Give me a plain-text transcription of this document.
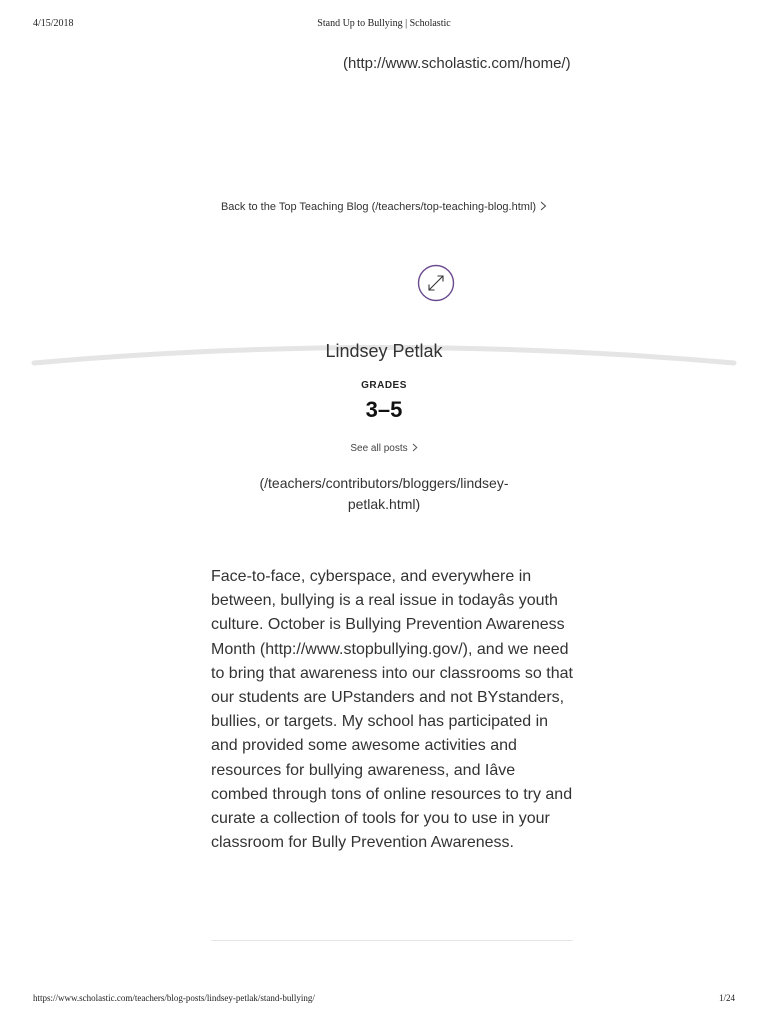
4/15/2018	Stand Up to Bullying | Scholastic
(http://www.scholastic.com/home/)
Back to the Top Teaching Blog (/teachers/top-teaching-blog.html)
Lindsey Petlak
GRADES
3–5
See all posts
(/teachers/contributors/bloggers/lindsey-petlak.html)

Face-to-face, cyberspace, and everywhere in between, bullying is a real issue in todayâs youth culture. October is Bullying Prevention Awareness Month (http://www.stopbullying.gov/), and we need to bring that awareness into our classrooms so that our students are UPstanders and not BYstanders, bullies, or targets. My school has participated in and provided some awesome activities and resources for bullying awareness, and Iâve combed through tons of online resources to try and curate a collection of tools for you to use in your classroom for Bully Prevention Awareness.

https://www.scholastic.com/teachers/blog-posts/lindsey-petlak/stand-bullying/	1/24
